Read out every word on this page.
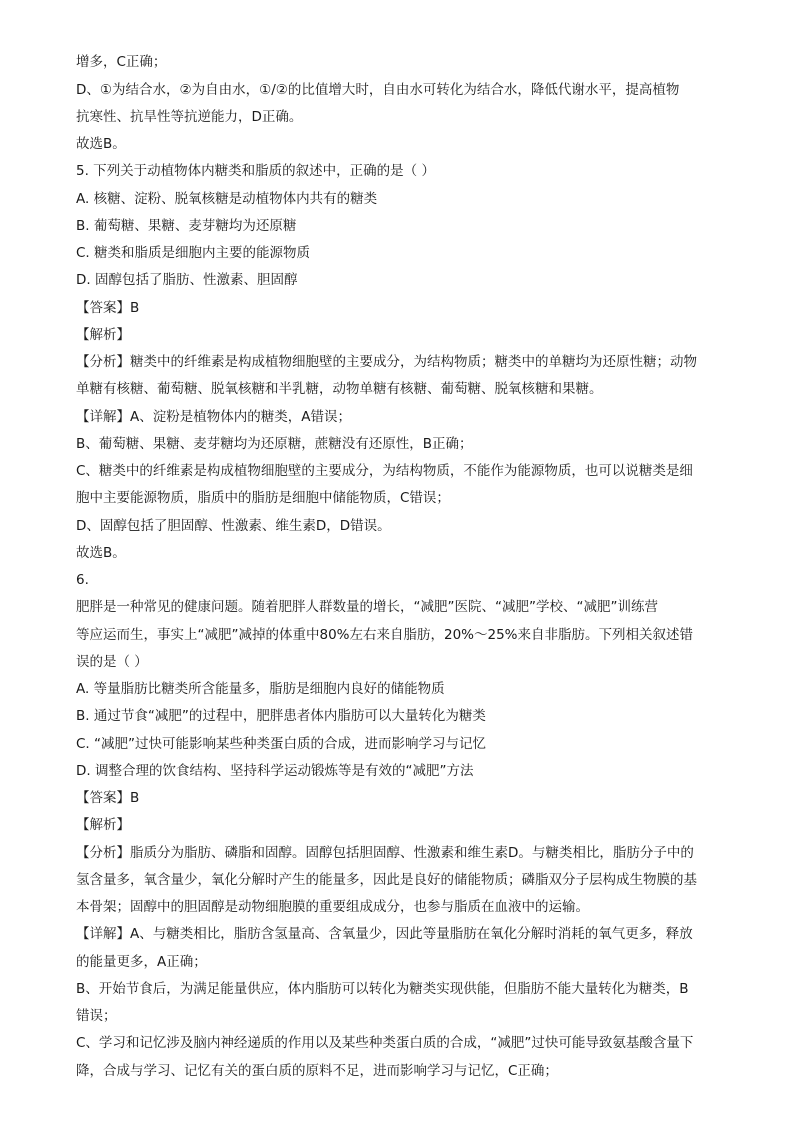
增多，C正确；
D、①为结合水，②为自由水，①/②的比值增大时，自由水可转化为结合水，降低代谢水平，提高植物
抗寒性、抗旱性等抗逆能力，D正确。
故选B。
5. 下列关于动植物体内糖类和脂质的叙述中，正确的是（ ）
A. 核糖、淀粉、脱氧核糖是动植物体内共有的糖类
B. 葡萄糖、果糖、麦芽糖均为还原糖
C. 糖类和脂质是细胞内主要的能源物质
D. 固醇包括了脂肪、性激素、胆固醇
【答案】B
【解析】
【分析】糖类中的纤维素是构成植物细胞壁的主要成分，为结构物质；糖类中的单糖均为还原性糖；动物
单糖有核糖、葡萄糖、脱氧核糖和半乳糖，动物单糖有核糖、葡萄糖、脱氧核糖和果糖。
【详解】A、淀粉是植物体内的糖类，A错误；
B、葡萄糖、果糖、麦芽糖均为还原糖，蔗糖没有还原性，B正确；
C、糖类中的纤维素是构成植物细胞壁的主要成分，为结构物质，不能作为能源物质，也可以说糖类是细
胞中主要能源物质，脂质中的脂肪是细胞中储能物质，C错误；
D、固醇包括了胆固醇、性激素、维生素D，D错误。
故选B。
6.
肥胖是一种常见的健康问题。随着肥胖人群数量的增长，“减肥”医院、“减肥”学校、“减肥”训练营
等应运而生，事实上“减肥”减掉的体重中80%左右来自脂肪，20%～25%来自非脂肪。下列相关叙述错
误的是（ ）
A. 等量脂肪比糖类所含能量多，脂肪是细胞内良好的储能物质
B. 通过节食“减肥”的过程中，肥胖患者体内脂肪可以大量转化为糖类
C. “减肥”过快可能影响某些种类蛋白质的合成，进而影响学习与记忆
D. 调整合理的饮食结构、坚持科学运动锻炼等是有效的“减肥”方法
【答案】B
【解析】
【分析】脂质分为脂肪、磷脂和固醇。固醇包括胆固醇、性激素和维生素D。与糖类相比，脂肪分子中的
氢含量多，氧含量少，氧化分解时产生的能量多，因此是良好的储能物质；磷脂双分子层构成生物膜的基
本骨架；固醇中的胆固醇是动物细胞膜的重要组成成分，也参与脂质在血液中的运输。
【详解】A、与糖类相比，脂肪含氢量高、含氧量少，因此等量脂肪在氧化分解时消耗的氧气更多，释放
的能量更多，A正确；
B、开始节食后，为满足能量供应，体内脂肪可以转化为糖类实现供能，但脂肪不能大量转化为糖类，B
错误；
C、学习和记忆涉及脑内神经递质的作用以及某些种类蛋白质的合成，“减肥”过快可能导致氨基酸含量下
降，合成与学习、记忆有关的蛋白质的原料不足，进而影响学习与记忆，C正确；
